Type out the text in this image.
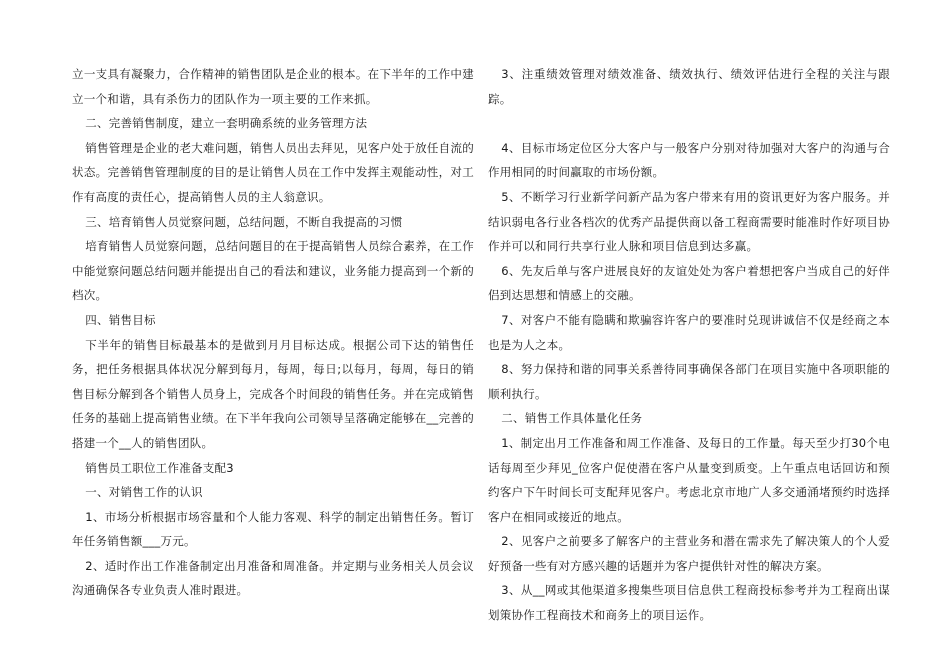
立一支具有凝聚力，合作精神的销售团队是企业的根本。在下半年的工作中建立一个和谐，具有杀伤力的团队作为一项主要的工作来抓。

二、完善销售制度，建立一套明确系统的业务管理方法

销售管理是企业的老大难问题，销售人员出去拜见，见客户处于放任自流的状态。完善销售管理制度的目的是让销售人员在工作中发挥主观能动性，对工作有高度的责任心，提高销售人员的主人翁意识。

三、培育销售人员觉察问题，总结问题，不断自我提高的习惯

培育销售人员觉察问题，总结问题目的在于提高销售人员综合素养，在工作中能觉察问题总结问题并能提出自己的看法和建议，业务能力提高到一个新的档次。

四、销售目标

下半年的销售目标最基本的是做到月月目标达成。根据公司下达的销售任务，把任务根据具体状况分解到每月，每周，每日;以每月，每周，每日的销售目标分解到各个销售人员身上，完成各个时间段的销售任务。并在完成销售任务的基础上提高销售业绩。在下半年我向公司领导呈落确定能够在__完善的搭建一个__人的销售团队。

销售员工职位工作准备支配3

一、对销售工作的认识

1、市场分析根据市场容量和个人能力客观、科学的制定出销售任务。暂订年任务销售额___万元。

2、适时作出工作准备制定出月准备和周准备。并定期与业务相关人员会议沟通确保各专业负责人准时跟进。

3、注重绩效管理对绩效准备、绩效执行、绩效评估进行全程的关注与跟踪。

4、目标市场定位区分大客户与一般客户分别对待加强对大客户的沟通与合作用相同的时间赢取的市场份额。

5、不断学习行业新学问新产品为客户带来有用的资讯更好为客户服务。并结识弱电各行业各档次的优秀产品提供商以备工程商需要时能准时作好项目协作并可以和同行共享行业人脉和项目信息到达多赢。

6、先友后单与客户进展良好的友谊处处为客户着想把客户当成自己的好伴侣到达思想和情感上的交融。

7、对客户不能有隐瞒和欺骗容许客户的要准时兑现讲诚信不仅是经商之本也是为人之本。

8、努力保持和谐的同事关系善待同事确保各部门在项目实施中各项职能的顺利执行。

二、销售工作具体量化任务

1、制定出月工作准备和周工作准备、及每日的工作量。每天至少打30个电话每周至少拜见_位客户促使潜在客户从量变到质变。上午重点电话回访和预约客户下午时间长可支配拜见客户。考虑北京市地广人多交通涌堵预约时选择客户在相同或接近的地点。

2、见客户之前要多了解客户的主营业务和潜在需求先了解决策人的个人爱好预备一些有对方感兴趣的话题并为客户提供针对性的解决方案。

3、从__网或其他渠道多搜集些项目信息供工程商投标参考并为工程商出谋划策协作工程商技术和商务上的项目运作。
